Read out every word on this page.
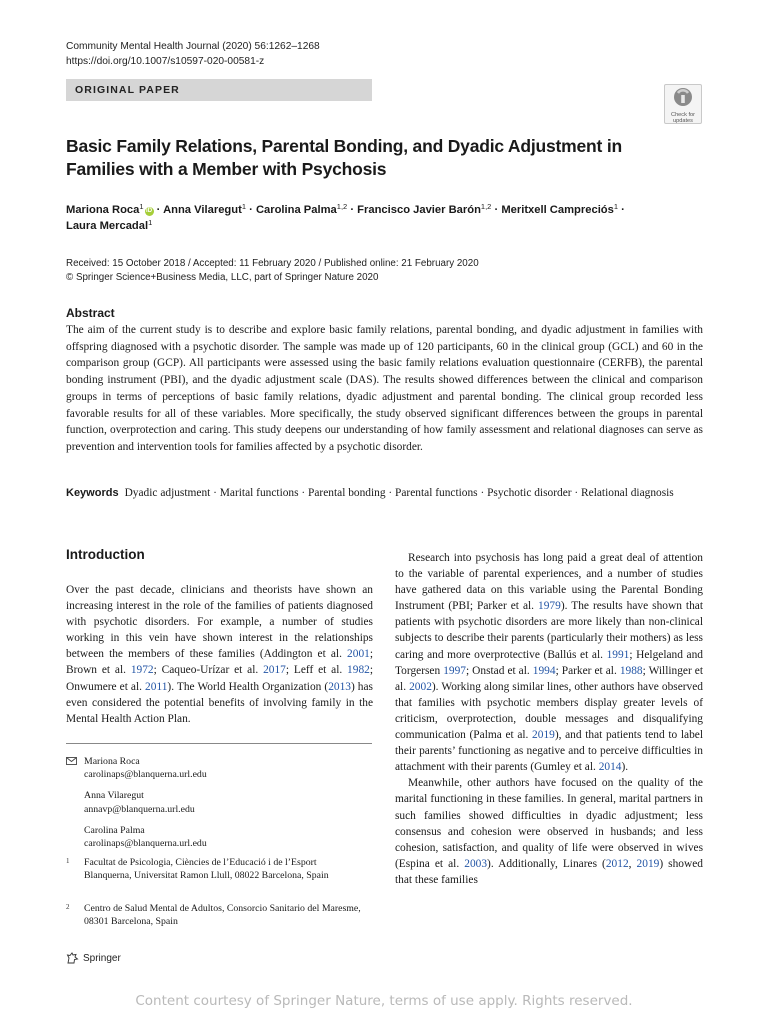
Community Mental Health Journal (2020) 56:1262–1268
https://doi.org/10.1007/s10597-020-00581-z
ORIGINAL PAPER
Check for
updates
Basic Family Relations, Parental Bonding, and Dyadic Adjustment in
Families with a Member with Psychosis
Mariona Roca$^1$ iD · Anna Vilaregut$^1$ · Carolina Palma$^{1,2}$ · Francisco Javier Barón$^{1,2}$ · Meritxell Campreciós$^1$ ·
Laura Mercadal$^1$
Received: 15 October 2018 / Accepted: 11 February 2020 / Published online: 21 February 2020
© Springer Science+Business Media, LLC, part of Springer Nature 2020
Abstract
The aim of the current study is to describe and explore basic family relations, parental bonding, and dyadic adjustment in families with offspring diagnosed with a psychotic disorder. The sample was made up of 120 participants, 60 in the clinical group (GCL) and 60 in the comparison group (GCP). All participants were assessed using the basic family relations evaluation questionnaire (CERFB), the parental bonding instrument (PBI), and the dyadic adjustment scale (DAS). The results showed differences between the clinical and comparison groups in terms of perceptions of basic family relations, dyadic adjustment and parental bonding. The clinical group recorded less favorable results for all of these variables. More specifically, the study observed significant differences between the groups in parental function, overprotection and caring. This study deepens our understanding of how family assessment and relational diagnoses can serve as prevention and intervention tools for families affected by a psychotic disorder.
Keywords Dyadic adjustment · Marital functions · Parental bonding · Parental functions · Psychotic disorder · Relational diagnosis
Introduction

Over the past decade, clinicians and theorists have shown an increasing interest in the role of the families of patients diagnosed with psychotic disorders. For example, a number of studies working in this vein have shown interest in the relationships between the members of these families (Addington et al. 2001; Brown et al. 1972; Caqueo-Urízar et al. 2017; Leff et al. 1982; Onwumere et al. 2011). The World Health Organization (2013) has even considered the potential benefits of involving family in the Mental Health Action Plan.

Research into psychosis has long paid a great deal of attention to the variable of parental experiences, and a number of studies have gathered data on this variable using the Parental Bonding Instrument (PBI; Parker et al. 1979). The results have shown that patients with psychotic disorders are more likely than non-clinical subjects to describe their parents (particularly their mothers) as less caring and more overprotective (Ballús et al. 1991; Helgeland and Torgersen 1997; Onstad et al. 1994; Parker et al. 1988; Willinger et al. 2002). Working along similar lines, other authors have observed that families with psychotic members display greater levels of criticism, overprotection, double messages and disqualifying communication (Palma et al. 2019), and that patients tend to label their parents’ functioning as negative and to perceive difficulties in attachment with their parents (Gumley et al. 2014).

Meanwhile, other authors have focused on the quality of the marital functioning in these families. In general, marital partners in such families showed difficulties in dyadic adjustment; less consensus and cohesion were observed in husbands; and less cohesion, satisfaction, and quality of life were observed in wives (Espina et al. 2003). Additionally, Linares (2012, 2019) showed that these families

Mariona Roca
carolinaps@blanquerna.url.edu
Anna Vilaregut
annavp@blanquerna.url.edu
Carolina Palma
carolinaps@blanquerna.url.edu
1 Facultat de Psicologia, Ciències de l’Educació i de l’Esport Blanquerna, Universitat Ramon Llull, 08022 Barcelona, Spain
2 Centro de Salud Mental de Adultos, Consorcio Sanitario del Maresme, 08301 Barcelona, Spain
Springer
Content courtesy of Springer Nature, terms of use apply. Rights reserved.
